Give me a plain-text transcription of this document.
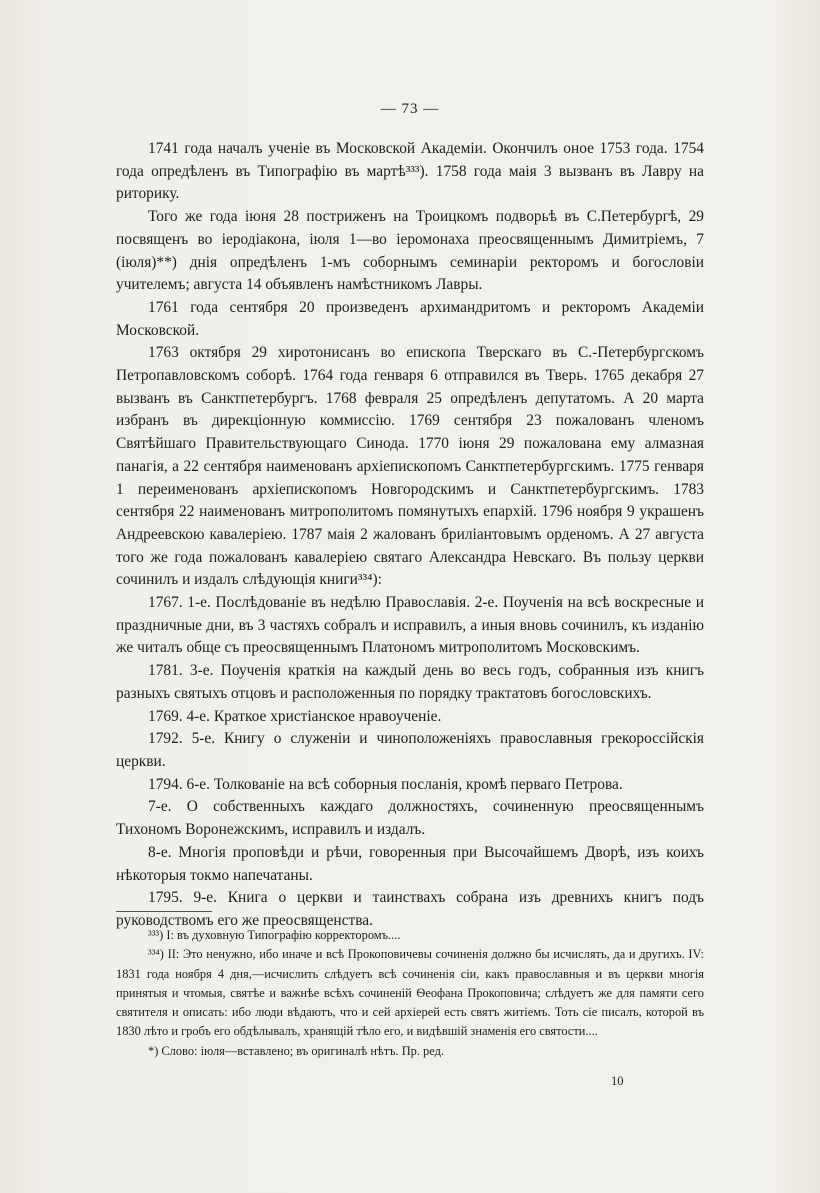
— 73 —

1741 года началъ ученіе въ Московской Академіи. Окончилъ оное 1753 года. 1754 года опредѣленъ въ Типографію въ мартѣ³³³). 1758 года маія 3 вызванъ въ Лавру на риторику.

Того же года іюня 28 постриженъ на Троицкомъ подворьѣ въ С.Петербургѣ, 29 посвященъ во іеродіакона, іюля 1—во іеромонаха преосвященнымъ Димитріемъ, 7 (іюля)**) днія опредѣленъ 1-мъ соборнымъ семинаріи ректоромъ и богословіи учителемъ; августа 14 объявленъ намѣстникомъ Лавры.

1761 года сентября 20 произведенъ архимандритомъ и ректоромъ Академіи Московской.

1763 октября 29 хиротонисанъ во епископа Тверскаго въ С.-Петербургскомъ Петропавловскомъ соборѣ. 1764 года генваря 6 отправился въ Тверь. 1765 декабря 27 вызванъ въ Санктпетербургъ. 1768 февраля 25 опредѣленъ депутатомъ. А 20 марта избранъ въ дирекціонную коммиссію. 1769 сентября 23 пожалованъ членомъ Святѣйшаго Правительствующаго Синода. 1770 іюня 29 пожалована ему алмазная панагія, а 22 сентября наименованъ архіепископомъ Санктпетербургскимъ. 1775 генваря 1 переименованъ архіепископомъ Новгородскимъ и Санктпетербургскимъ. 1783 сентября 22 наименованъ митрополитомъ помянутыхъ епархій. 1796 ноября 9 украшенъ Андреевскою кавалеріею. 1787 маія 2 жалованъ бриліантовымъ орденомъ. А 27 августа того же года пожалованъ кавалеріею святаго Александра Невскаго. Въ пользу церкви сочинилъ и издалъ слѣдующія книги³³⁴):

1767. 1-е. Послѣдованіе въ недѣлю Православія. 2-е. Поученія на всѣ воскресные и праздничные дни, въ 3 частяхъ собралъ и исправилъ, а иныя вновь сочинилъ, къ изданію же читалъ обще съ преосвященнымъ Платономъ митрополитомъ Московскимъ.

1781. 3-е. Поученія краткія на каждый день во весь годъ, собранныя изъ книгъ разныхъ святыхъ отцовъ и расположенныя по порядку трактатовъ богословскихъ.

1769. 4-е. Краткое христіанское нравоученіе.

1792. 5-е. Книгу о служеніи и чиноположеніяхъ православныя грекороссійскія церкви.

1794. 6-е. Толкованіе на всѣ соборныя посланія, кромѣ перваго Петрова.

7-е. О собственныхъ каждаго должностяхъ, сочиненную преосвященнымъ Тихономъ Воронежскимъ, исправилъ и издалъ.

8-е. Многія проповѣди и рѣчи, говоренныя при Высочайшемъ Дворѣ, изъ коихъ нѣкоторыя токмо напечатаны.

1795. 9-е. Книга о церкви и таинствахъ собрана изъ древнихъ книгъ подъ руководствомъ его же преосвященства.

³³³) I: въ духовную Типографію корректоромъ....

³³⁴) II: Это ненужно, ибо иначе и всѣ Прокоповичевы сочиненія должно бы исчислять, да и другихъ. IV: 1831 года ноября 4 дня,—исчислить слѣдуетъ всѣ сочиненія сіи, какъ православныя и въ церкви многія принятыя и чтомыя, святѣе и важнѣе всѣхъ сочиненій Ѳеофана Прокоповича; слѣдуетъ же для памяти сего святителя и описать: ибо люди вѣдаютъ, что и сей архіерей есть святъ житіемъ. Тоть сіе писалъ, которой въ 1830 лѣто и гробъ его обдѣлывалъ, хранящій тѣло его, и видѣвшій знаменія его святости....

*) Слово: іюля—вставлено; въ оригиналѣ нѣтъ. Пр. ред.

10
